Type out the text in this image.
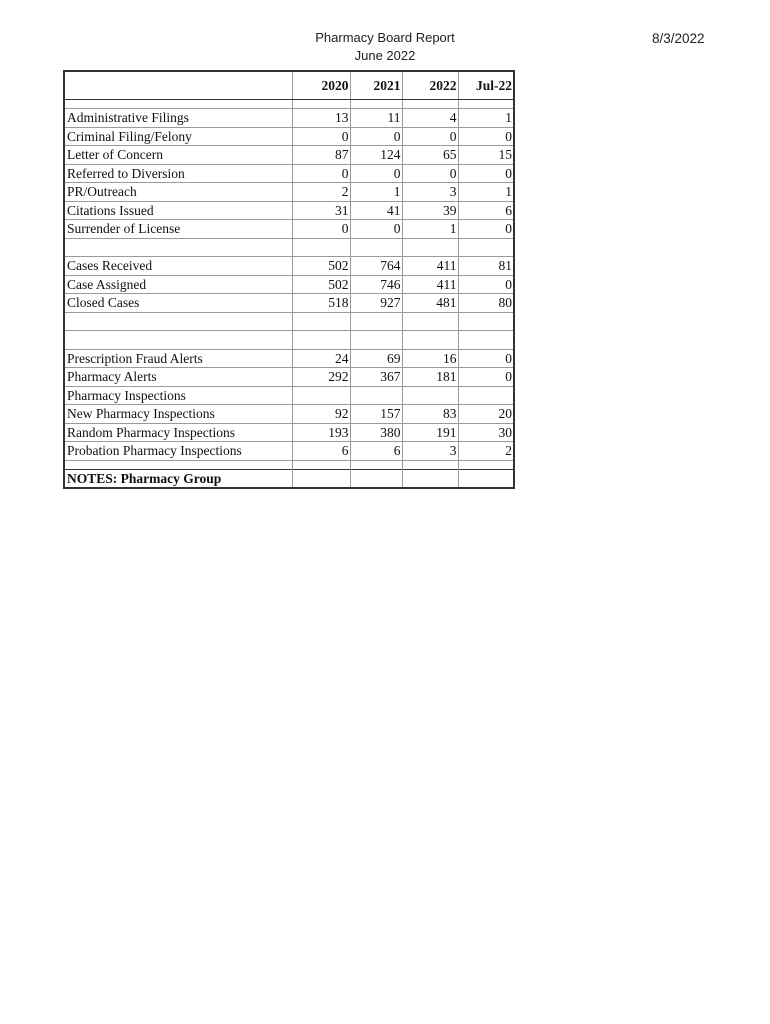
Pharmacy Board Report
June 2022
8/3/2022
	2020	2021	2022	Jul-22

Administrative Filings	13	11	4	1
Criminal Filing/Felony	0	0	0	0
Letter of Concern	87	124	65	15
Referred to Diversion	0	0	0	0
PR/Outreach	2	1	3	1
Citations Issued	31	41	39	6
Surrender of License	0	0	1	0

Cases Received	502	764	411	81
Case Assigned	502	746	411	0
Closed Cases	518	927	481	80

Prescription Fraud Alerts	24	69	16	0
Pharmacy Alerts	292	367	181	0
Pharmacy Inspections				
New Pharmacy Inspections	92	157	83	20
Random Pharmacy Inspections	193	380	191	30
Probation Pharmacy Inspections	6	6	3	2

NOTES: Pharmacy Group				
